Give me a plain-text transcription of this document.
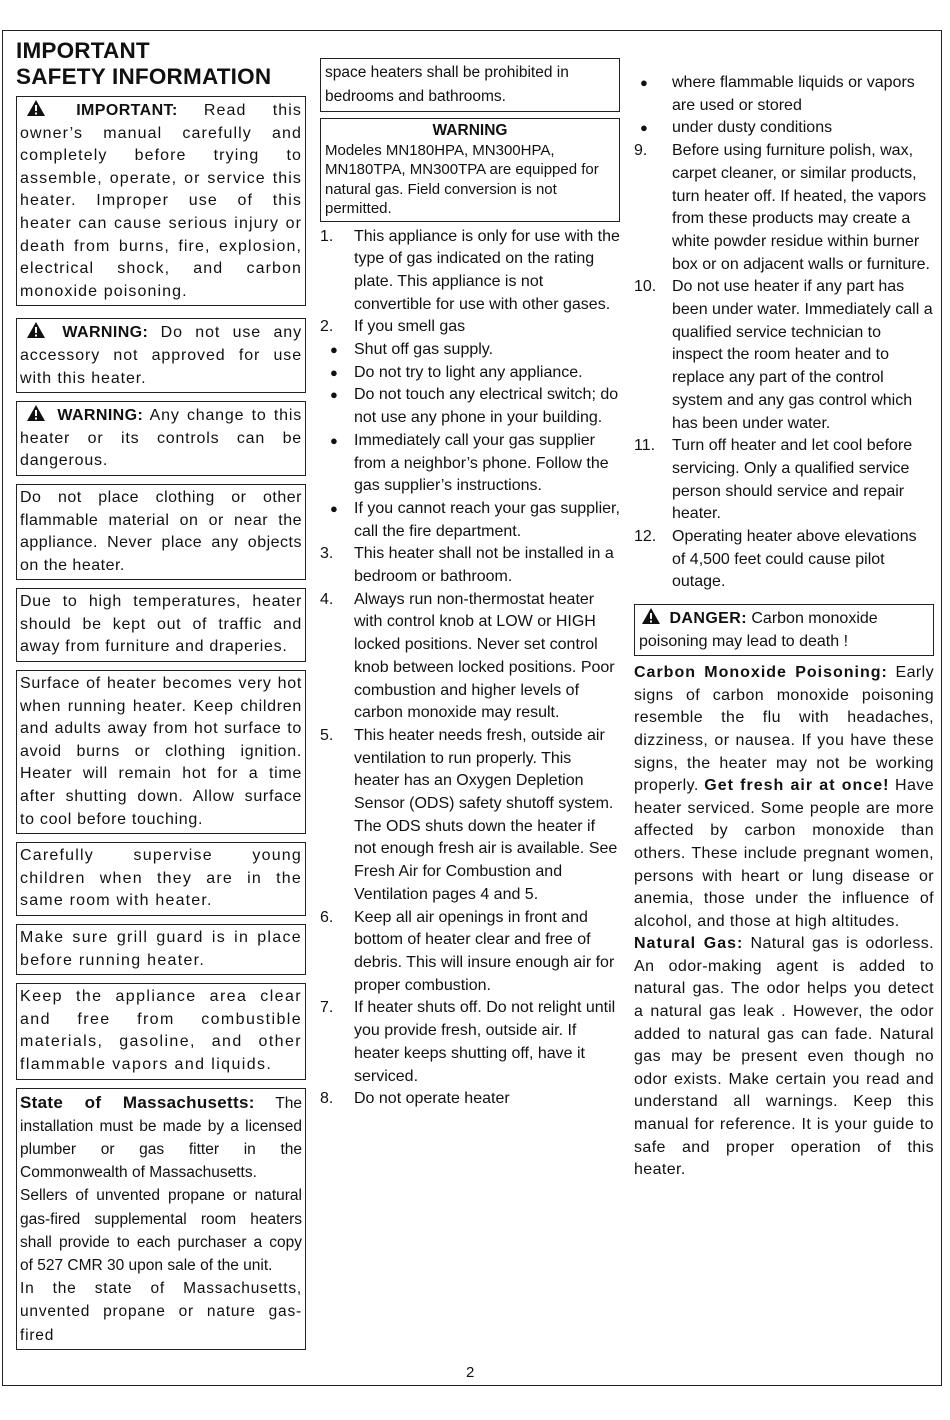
IMPORTANT
SAFETY INFORMATION
IMPORTANT: Read this owner’s manual carefully and completely before trying to assemble, operate, or service this heater. Improper use of this heater can cause serious injury or death from burns, fire, explosion, electrical shock, and carbon monoxide poisoning.
WARNING: Do not use any accessory not approved for use with this heater.
WARNING: Any change to this heater or its controls can be dangerous.
Do not place clothing or other flammable material on or near the appliance. Never place any objects on the heater.
Due to high temperatures, heater should be kept out of traffic and away from furniture and draperies.
Surface of heater becomes very hot when running heater. Keep children and adults away from hot surface to avoid burns or clothing ignition. Heater will remain hot for a time after shutting down. Allow surface to cool before touching.
Carefully supervise young children when they are in the same room with heater.
Make sure grill guard is in place before running heater.
Keep the appliance area clear and free from combustible materials, gasoline, and other flammable vapors and liquids.
State of Massachusetts: The installation must be made by a licensed plumber or gas fitter in the Commonwealth of Massachusetts.
Sellers of unvented propane or natural gas-fired supplemental room heaters shall provide to each purchaser a copy of 527 CMR 30 upon sale of the unit.
In the state of Massachusetts, unvented propane or nature gas-fired
space heaters shall be prohibited in bedrooms and bathrooms.
WARNING
Modeles MN180HPA, MN300HPA, MN180TPA, MN300TPA are equipped for natural gas. Field conversion is not permitted.
1.	This appliance is only for use with the type of gas indicated on the rating plate. This appliance is not convertible for use with other gases.
2.	If you smell gas
●	Shut off gas supply.
●	Do not try to light any appliance.
●	Do not touch any electrical switch; do not use any phone in your building.
●	Immediately call your gas supplier from a neighbor’s phone. Follow the gas supplier’s instructions.
●	If you cannot reach your gas supplier, call the fire department.
3.	This heater shall not be installed in a bedroom or bathroom.
4.	Always run non-thermostat heater with control knob at LOW or HIGH locked positions. Never set control knob between locked positions. Poor combustion and higher levels of carbon monoxide may result.
5.	This heater needs fresh, outside air ventilation to run properly. This heater has an Oxygen Depletion Sensor (ODS) safety shutoff system. The ODS shuts down the heater if not enough fresh air is available. See Fresh Air for Combustion and Ventilation pages 4 and 5.
6.	Keep all air openings in front and bottom of heater clear and free of debris. This will insure enough air for proper combustion.
7.	If heater shuts off. Do not relight until you provide fresh, outside air. If heater keeps shutting off, have it serviced.
8.	Do not operate heater
●	where flammable liquids or vapors are used or stored
●	under dusty conditions
9.	Before using furniture polish, wax, carpet cleaner, or similar products, turn heater off. If heated, the vapors from these products may create a white powder residue within burner box or on adjacent walls or furniture.
10. Do not use heater if any part has been under water. Immediately call a qualified service technician to inspect the room heater and to replace any part of the control system and any gas control which has been under water.
11.	Turn off heater and let cool before servicing. Only a qualified service person should service and repair heater.
12. Operating heater above elevations of 4,500 feet could cause pilot outage.
DANGER: Carbon monoxide poisoning may lead to death !
Carbon Monoxide Poisoning: Early signs of carbon monoxide poisoning resemble the flu with headaches, dizziness, or nausea. If you have these signs, the heater may not be working properly. Get fresh air at once! Have heater serviced. Some people are more affected by carbon monoxide than others. These include pregnant women, persons with heart or lung disease or anemia, those under the influence of alcohol, and those at high altitudes.
Natural Gas: Natural gas is odorless. An odor-making agent is added to natural gas. The odor helps you detect a natural gas leak . However, the odor added to natural gas can fade. Natural gas may be present even though no odor exists. Make certain you read and understand all warnings. Keep this manual for reference. It is your guide to safe and proper operation of this heater.
2
